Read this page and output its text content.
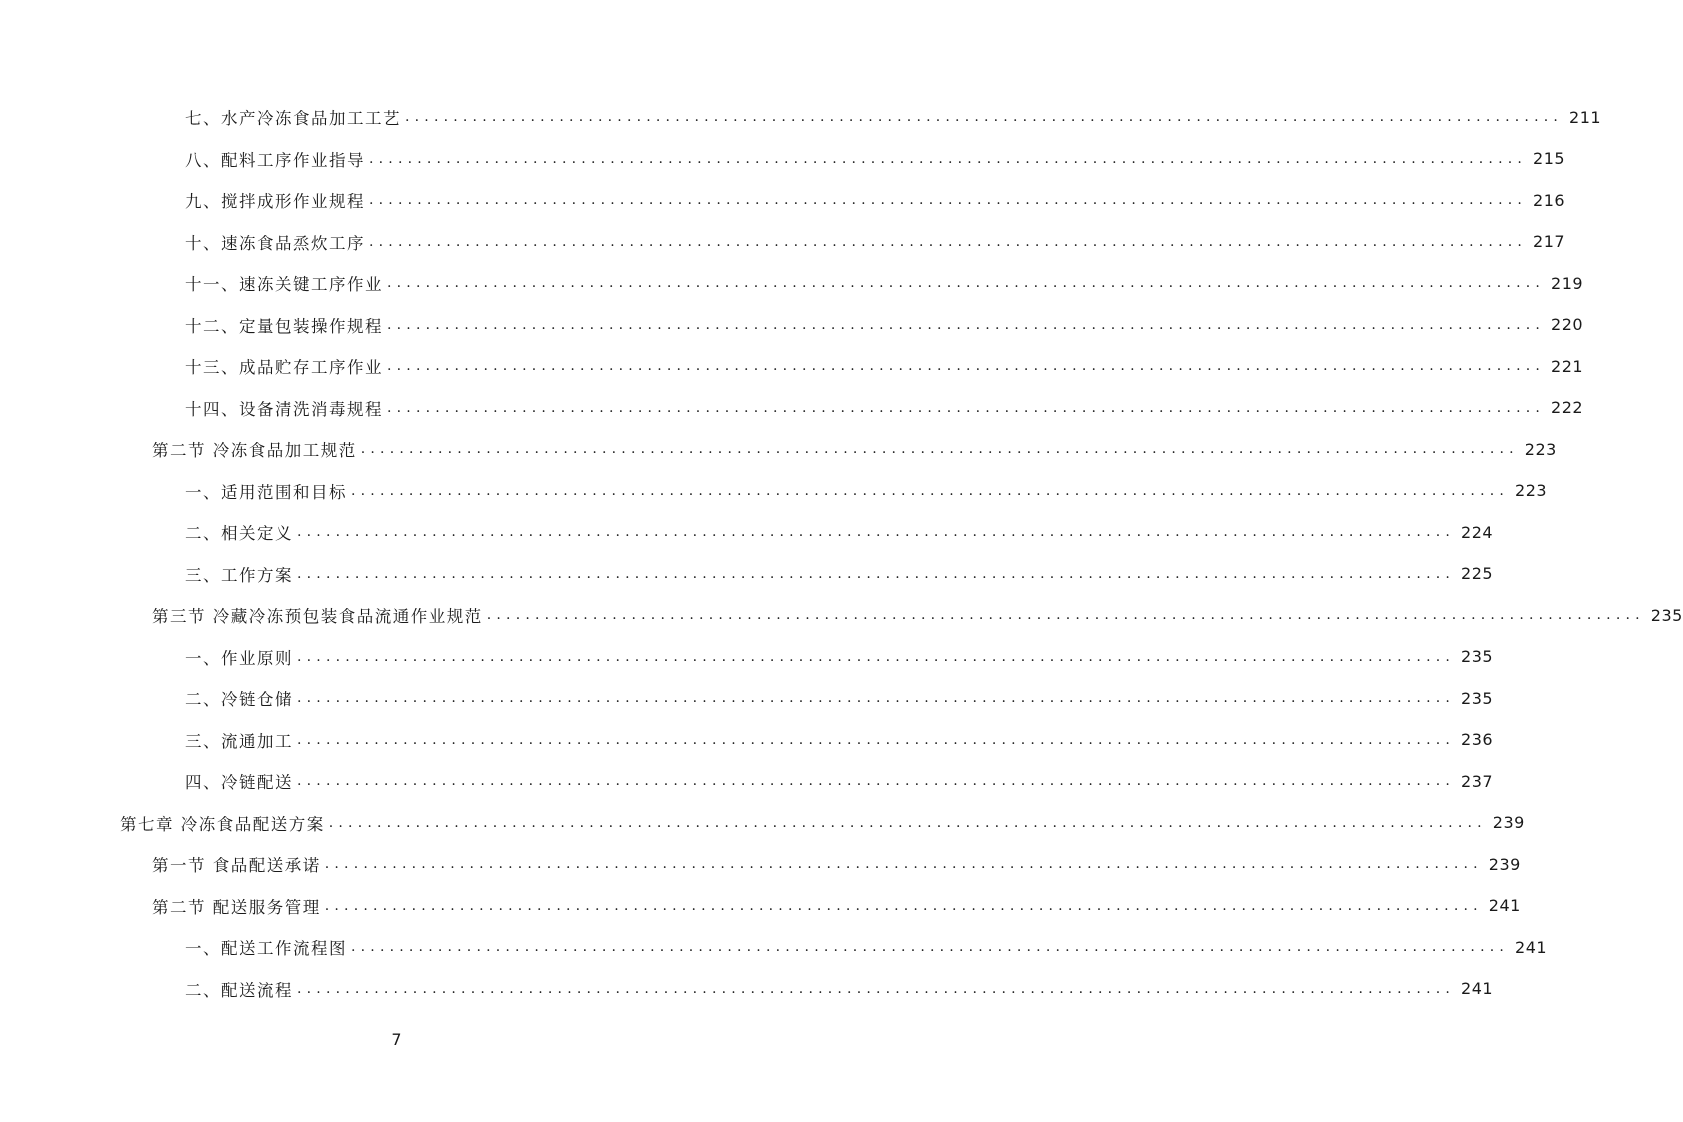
七、水产冷冻食品加工工艺 ........................................................................................................................ 211
八、配料工序作业指导 ........................................................................................................................ 215
九、搅拌成形作业规程 ........................................................................................................................ 216
十、速冻食品烝炊工序 ........................................................................................................................ 217
十一、速冻关键工序作业 ........................................................................................................................ 219
十二、定量包装操作规程 ........................................................................................................................ 220
十三、成品贮存工序作业 ........................................................................................................................ 221
十四、设备清洗消毒规程 ........................................................................................................................ 222
第二节 冷冻食品加工规范 ........................................................................................................................ 223
一、适用范围和目标 ........................................................................................................................ 223
二、相关定义 ........................................................................................................................ 224
三、工作方案 ........................................................................................................................ 225
第三节 冷藏冷冻预包装食品流通作业规范 ........................................................................................................................ 235
一、作业原则 ........................................................................................................................ 235
二、冷链仓储 ........................................................................................................................ 235
三、流通加工 ........................................................................................................................ 236
四、冷链配送 ........................................................................................................................ 237
第七章 冷冻食品配送方案 ........................................................................................................................ 239
第一节 食品配送承诺 ........................................................................................................................ 239
第二节 配送服务管理 ........................................................................................................................ 241
一、配送工作流程图 ........................................................................................................................ 241
二、配送流程 ........................................................................................................................ 241
7
